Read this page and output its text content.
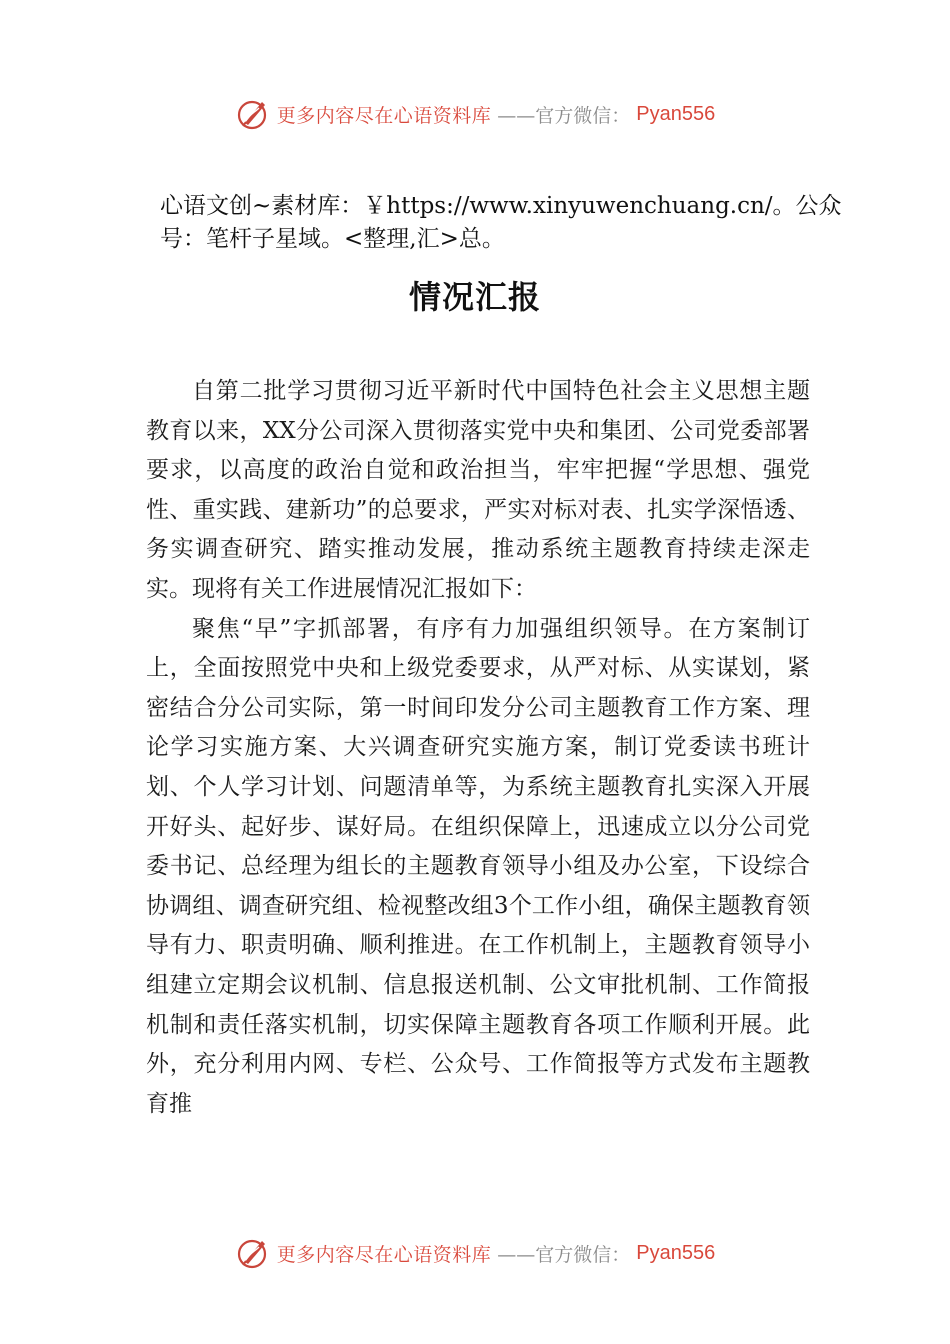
更多内容尽在心语资料库 ——官方微信： Pyan556
心语文创~素材库：￥https://www.xinyuwenchuang.cn/。公众号：笔杆子星域。<整理,汇>总。
情况汇报

自第二批学习贯彻习近平新时代中国特色社会主义思想主题教育以来，XX分公司深入贯彻落实党中央和集团、公司党委部署要求，以高度的政治自觉和政治担当，牢牢把握“学思想、强党性、重实践、建新功”的总要求，严实对标对表、扎实学深悟透、务实调查研究、踏实推动发展，推动系统主题教育持续走深走实。现将有关工作进展情况汇报如下：

聚焦“早”字抓部署，有序有力加强组织领导。在方案制订上，全面按照党中央和上级党委要求，从严对标、从实谋划，紧密结合分公司实际，第一时间印发分公司主题教育工作方案、理论学习实施方案、大兴调查研究实施方案，制订党委读书班计划、个人学习计划、问题清单等，为系统主题教育扎实深入开展开好头、起好步、谋好局。在组织保障上，迅速成立以分公司党委书记、总经理为组长的主题教育领导小组及办公室，下设综合协调组、调查研究组、检视整改组3个工作小组，确保主题教育领导有力、职责明确、顺利推进。在工作机制上，主题教育领导小组建立定期会议机制、信息报送机制、公文审批机制、工作简报机制和责任落实机制，切实保障主题教育各项工作顺利开展。此外，充分利用内网、专栏、公众号、工作简报等方式发布主题教育推

更多内容尽在心语资料库 ——官方微信： Pyan556
